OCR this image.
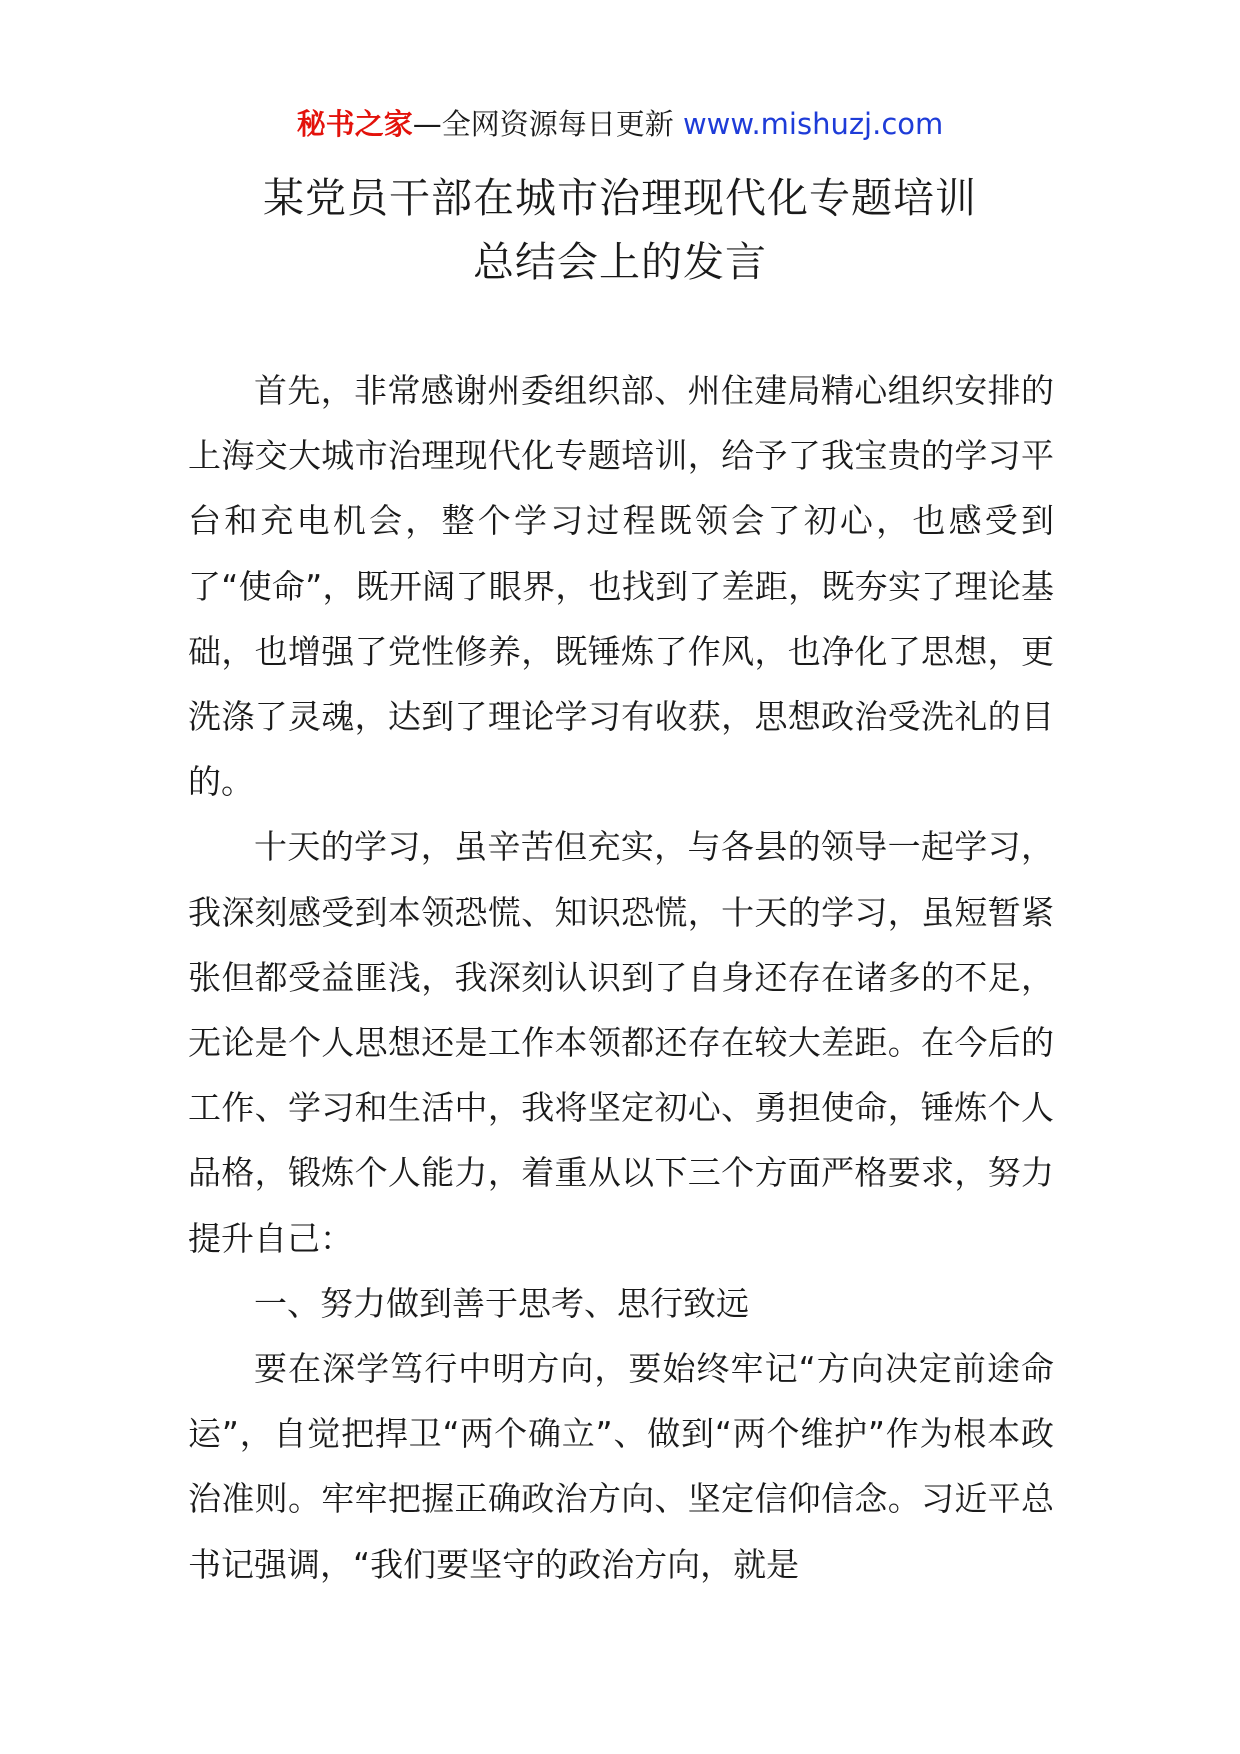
秘书之家—全网资源每日更新 www.mishuzj.com
某党员干部在城市治理现代化专题培训
总结会上的发言

首先，非常感谢州委组织部、州住建局精心组织安排的上海交大城市治理现代化专题培训，给予了我宝贵的学习平台和充电机会，整个学习过程既领会了初心，也感受到了“使命”，既开阔了眼界，也找到了差距，既夯实了理论基础，也增强了党性修养，既锤炼了作风，也净化了思想，更洗涤了灵魂，达到了理论学习有收获，思想政治受洗礼的目的。

十天的学习，虽辛苦但充实，与各县的领导一起学习，我深刻感受到本领恐慌、知识恐慌，十天的学习，虽短暂紧张但都受益匪浅，我深刻认识到了自身还存在诸多的不足，无论是个人思想还是工作本领都还存在较大差距。在今后的工作、学习和生活中，我将坚定初心、勇担使命，锤炼个人品格，锻炼个人能力，着重从以下三个方面严格要求，努力提升自己：

一、努力做到善于思考、思行致远

要在深学笃行中明方向，要始终牢记“方向决定前途命运”，自觉把捍卫“两个确立”、做到“两个维护”作为根本政治准则。牢牢把握正确政治方向、坚定信仰信念。习近平总书记强调，“我们要坚守的政治方向，就是
